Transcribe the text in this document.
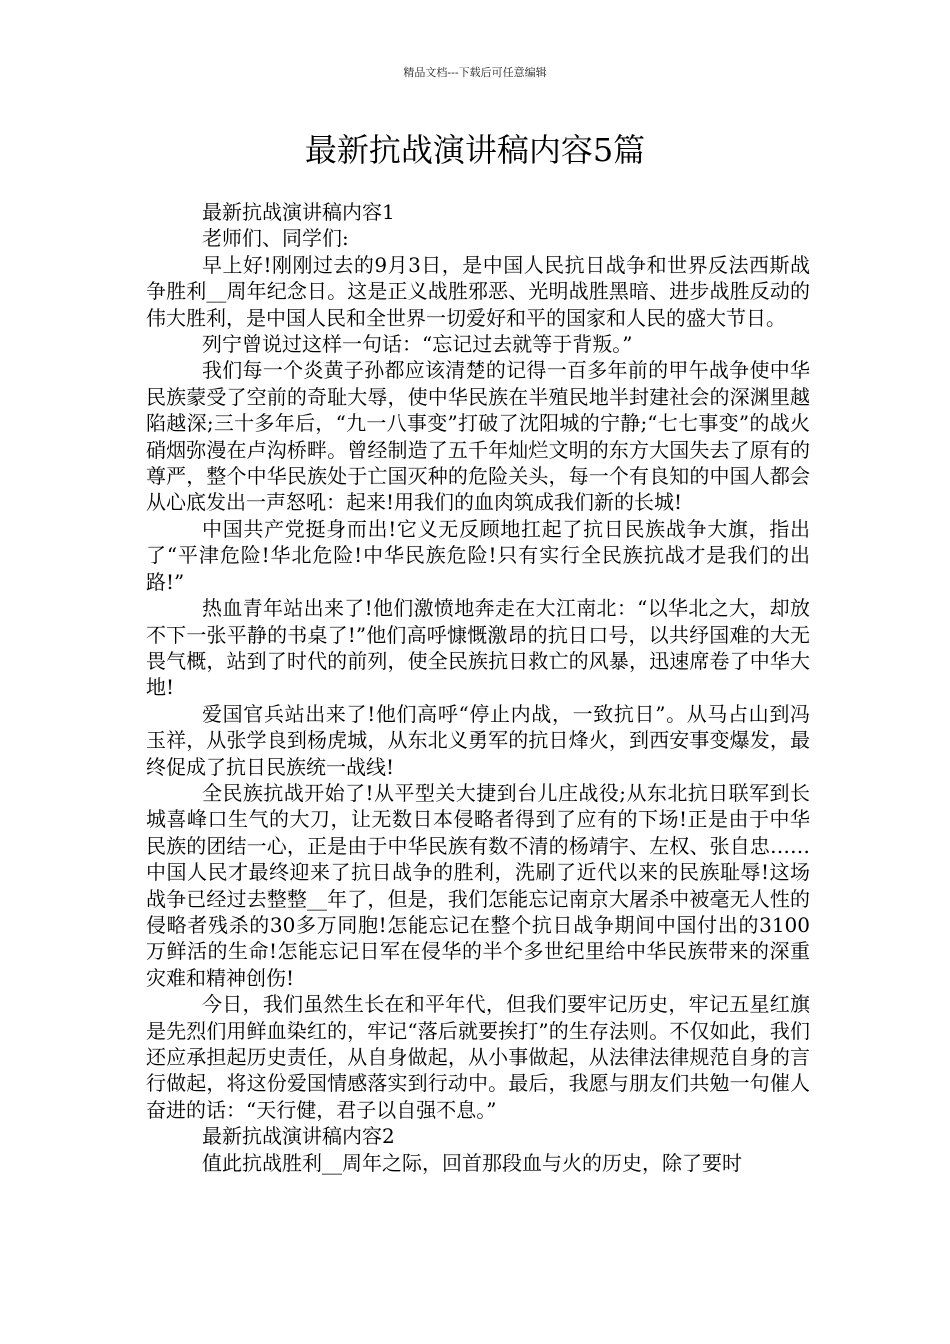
精品文档---下载后可任意编辑
最新抗战演讲稿内容5篇

最新抗战演讲稿内容1

老师们、同学们:

早上好!刚刚过去的9月3日，是中国人民抗日战争和世界反法西斯战争胜利__周年纪念日。这是正义战胜邪恶、光明战胜黑暗、进步战胜反动的伟大胜利，是中国人民和全世界一切爱好和平的国家和人民的盛大节日。

列宁曾说过这样一句话：“忘记过去就等于背叛。”

我们每一个炎黄子孙都应该清楚的记得一百多年前的甲午战争使中华民族蒙受了空前的奇耻大辱，使中华民族在半殖民地半封建社会的深渊里越陷越深;三十多年后，“九一八事变”打破了沈阳城的宁静;“七七事变”的战火硝烟弥漫在卢沟桥畔。曾经制造了五千年灿烂文明的东方大国失去了原有的尊严，整个中华民族处于亡国灭种的危险关头，每一个有良知的中国人都会从心底发出一声怒吼：起来!用我们的血肉筑成我们新的长城!

中国共产党挺身而出!它义无反顾地扛起了抗日民族战争大旗，指出了“平津危险!华北危险!中华民族危险!只有实行全民族抗战才是我们的出路!”

热血青年站出来了!他们激愤地奔走在大江南北：“以华北之大，却放不下一张平静的书桌了!”他们高呼慷慨激昂的抗日口号，以共纾国难的大无畏气概，站到了时代的前列，使全民族抗日救亡的风暴，迅速席卷了中华大地!

爱国官兵站出来了!他们高呼“停止内战，一致抗日”。从马占山到冯玉祥，从张学良到杨虎城，从东北义勇军的抗日烽火，到西安事变爆发，最终促成了抗日民族统一战线!

全民族抗战开始了!从平型关大捷到台儿庄战役;从东北抗日联军到长城喜峰口生气的大刀，让无数日本侵略者得到了应有的下场!正是由于中华民族的团结一心，正是由于中华民族有数不清的杨靖宇、左权、张自忠……中国人民才最终迎来了抗日战争的胜利，洗刷了近代以来的民族耻辱!这场战争已经过去整整__年了，但是，我们怎能忘记南京大屠杀中被毫无人性的侵略者残杀的30多万同胞!怎能忘记在整个抗日战争期间中国付出的3100万鲜活的生命!怎能忘记日军在侵华的半个多世纪里给中华民族带来的深重灾难和精神创伤!

今日，我们虽然生长在和平年代，但我们要牢记历史，牢记五星红旗是先烈们用鲜血染红的，牢记“落后就要挨打”的生存法则。不仅如此，我们还应承担起历史责任，从自身做起，从小事做起，从法律法律规范自身的言行做起，将这份爱国情感落实到行动中。最后，我愿与朋友们共勉一句催人奋进的话：“天行健，君子以自强不息。”

最新抗战演讲稿内容2

值此抗战胜利__周年之际，回首那段血与火的历史，除了要时
